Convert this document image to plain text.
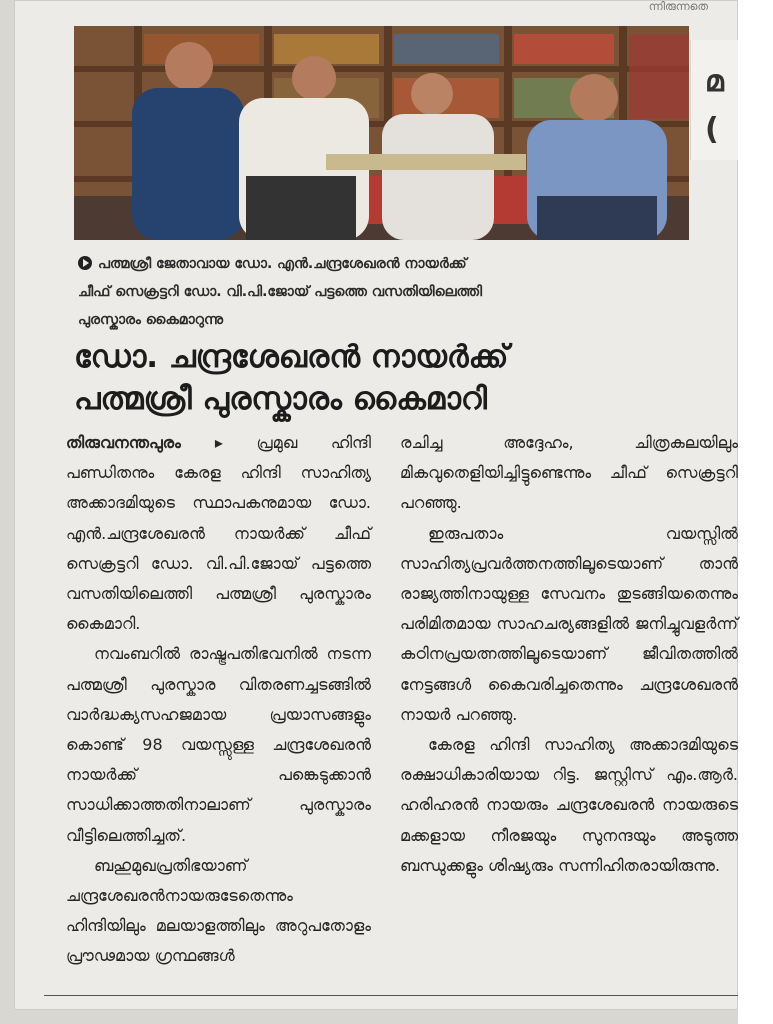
ന്നിരുന്നതെ
മ (
പത്മശ്രീ ജേതാവായ ഡോ. എൻ.ചന്ദ്രശേഖരൻ നായർക്ക്
ചീഫ് സെക്രട്ടറി ഡോ. വി.പി.ജോയ് പട്ടത്തെ വസതിയിലെത്തി
പുരസ്കാരം കൈമാറുന്നു
ഡോ. ചന്ദ്രശേഖരൻ നായർക്ക്
പത്മശ്രീ പുരസ്കാരം കൈമാറി

തിരുവനന്തപുരം ▸ പ്രമുഖ ഹിന്ദി പണ്ഡിതനും കേരള ഹിന്ദി സാഹിത്യ അക്കാദമിയുടെ സ്ഥാപകനുമായ ഡോ. എൻ.ചന്ദ്രശേഖരൻ നായർക്ക് ചീഫ് സെക്രട്ടറി ഡോ. വി.പി.ജോയ് പട്ടത്തെ വസതിയിലെത്തി പത്മശ്രീ പുരസ്കാരം കൈമാറി.

നവംബറിൽ രാഷ്ട്രപതിഭവനിൽ നടന്ന പത്മശ്രീ പുരസ്കാര വിതരണച്ചടങ്ങിൽ വാർദ്ധക്യസഹജമായ പ്രയാസങ്ങളും കൊണ്ട് 98 വയസ്സുള്ള ചന്ദ്രശേഖരൻ നായർക്ക് പങ്കെടുക്കാൻ സാധിക്കാത്തതിനാലാണ് പുരസ്കാരം വീട്ടിലെത്തിച്ചത്.

ബഹുമുഖപ്രതിഭയാണ് ചന്ദ്രശേഖരൻനായരുടേതെന്നും ഹിന്ദിയിലും മലയാളത്തിലും അറുപതോളം പ്രൗഢമായ ഗ്രന്ഥങ്ങൾ

രചിച്ച അദ്ദേഹം, ചിത്രകലയിലും മികവുതെളിയിച്ചിട്ടുണ്ടെന്നും ചീഫ് സെക്രട്ടറി പറഞ്ഞു.

ഇരുപതാം വയസ്സിൽ സാഹിത്യപ്രവർത്തനത്തിലൂടെയാണ് താൻ രാജ്യത്തിനായുള്ള സേവനം തുടങ്ങിയതെന്നും പരിമിതമായ സാഹചര്യങ്ങളിൽ ജനിച്ചുവളർന്ന് കഠിനപ്രയത്നത്തിലൂടെയാണ് ജീവിതത്തിൽ നേട്ടങ്ങൾ കൈവരിച്ചതെന്നും ചന്ദ്രശേഖരൻ നായർ പറഞ്ഞു.

കേരള ഹിന്ദി സാഹിത്യ അക്കാദമിയുടെ രക്ഷാധികാരിയായ റിട്ട. ജസ്റ്റിസ് എം.ആർ. ഹരിഹരൻ നായരും ചന്ദ്രശേഖരൻ നായരുടെ മക്കളായ നീരജയും സുനന്ദയും അടുത്ത ബന്ധുക്കളും ശിഷ്യരും സന്നിഹിതരായിരുന്നു.
